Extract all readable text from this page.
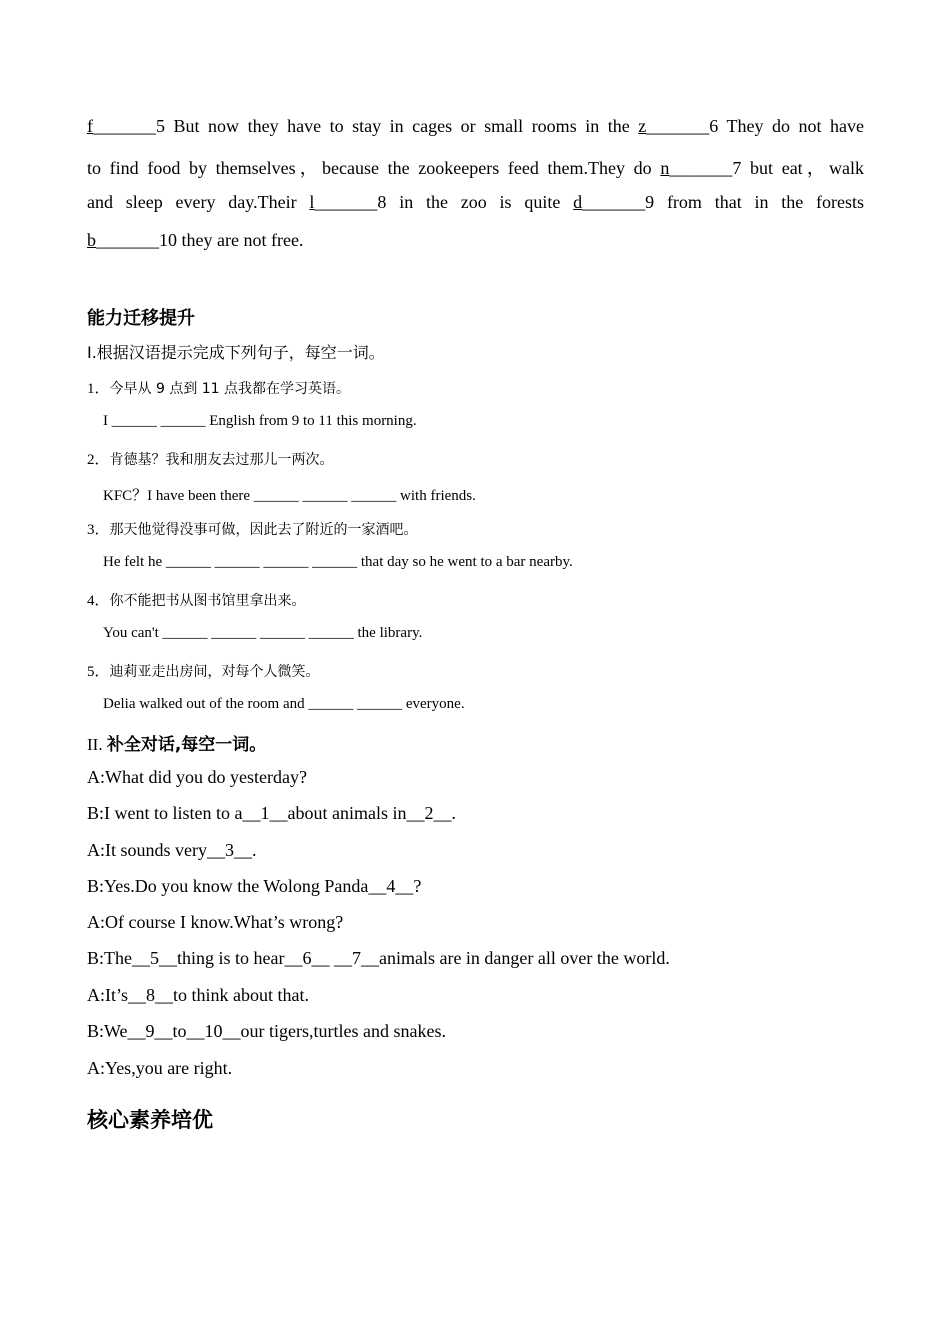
f_______5 But now they have to stay in cages or small rooms in the z_______6 They do not have
to find food by themselves，because the zookeepers feed them.They do n_______7 but eat，walk
and sleep every day.Their l_______8 in the zoo is quite d_______9 from that in the forests
b_______10 they are not free.
能力迁移提升
I.根据汉语提示完成下列句子，每空一词。
1．今早从 9 点到 11 点我都在学习英语。
I ______ ______ English from 9 to 11 this morning.
2．肯德基？我和朋友去过那儿一两次。
KFC？I have been there ______ ______ ______ with friends.
3．那天他觉得没事可做，因此去了附近的一家酒吧。
He felt he ______ ______ ______ ______ that day so he went to a bar nearby.
4．你不能把书从图书馆里拿出来。
You can't ______ ______ ______ ______ the library.
5．迪莉亚走出房间，对每个人微笑。
Delia walked out of the room and ______ ______ everyone.
II. 补全对话,每空一词。
A:What did you do yesterday?
B:I went to listen to a__1__about animals in__2__.
A:It sounds very__3__.
B:Yes.Do you know the Wolong Panda__4__?
A:Of course I know.What’s wrong?
B:The__5__thing is to hear__6__ __7__animals are in danger all over the world.
A:It’s__8__to think about that.
B:We__9__to__10__our tigers,turtles and snakes.
A:Yes,you are right.
核心素养培优
